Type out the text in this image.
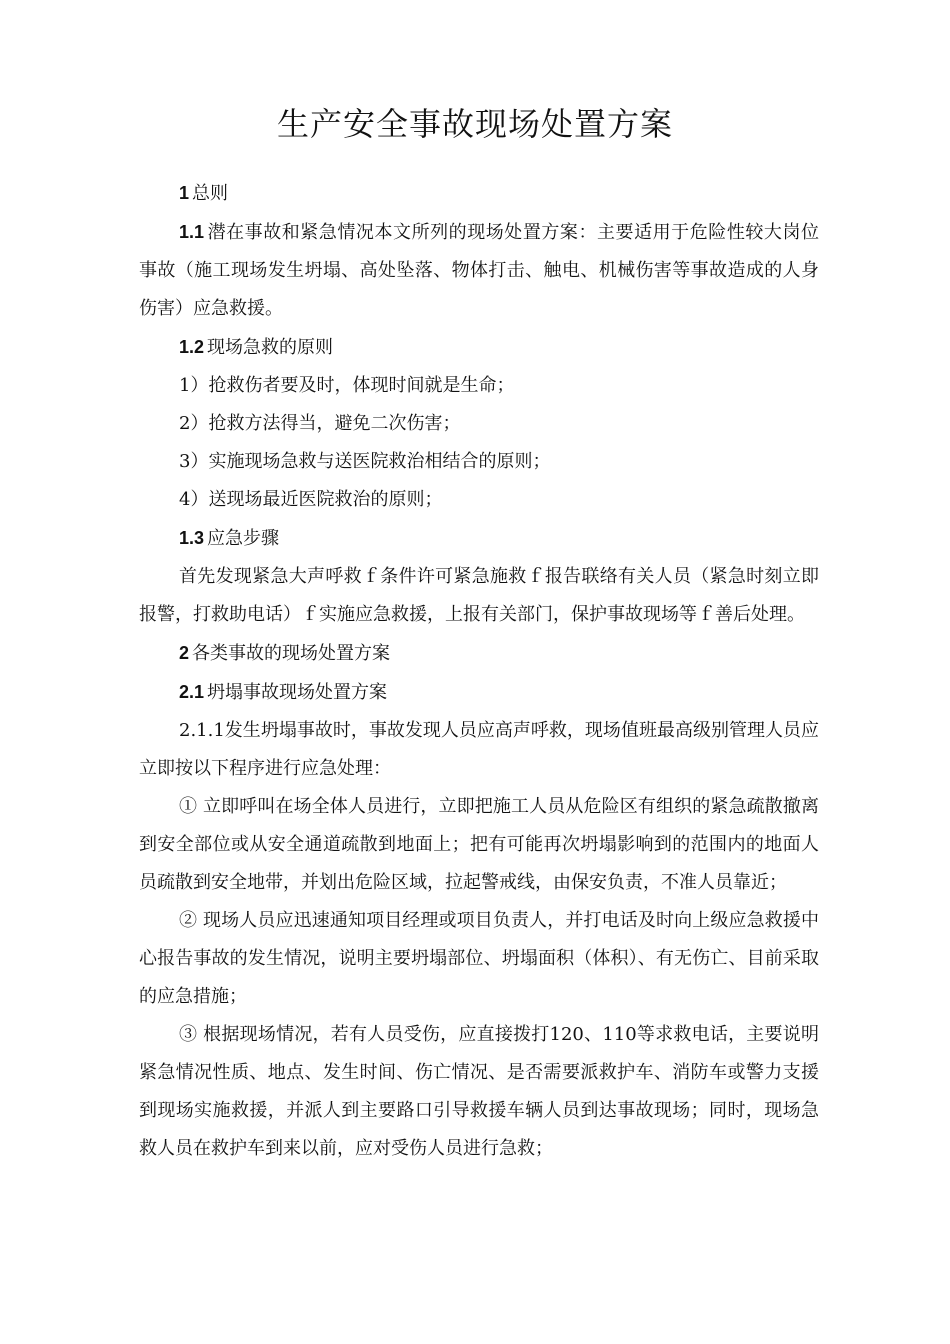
生产安全事故现场处置方案

1 总则

1.1 潜在事故和紧急情况本文所列的现场处置方案：主要适用于危险性较大岗位事故（施工现场发生坍塌、高处坠落、物体打击、触电、机械伤害等事故造成的人身伤害）应急救援。

1.2 现场急救的原则

1）抢救伤者要及时，体现时间就是生命；

2）抢救方法得当，避免二次伤害；

3）实施现场急救与送医院救治相结合的原则；

4）送现场最近医院救治的原则；

1.3 应急步骤

首先发现紧急大声呼救ｆ条件许可紧急施救ｆ报告联络有关人员（紧急时刻立即报警，打救助电话）ｆ实施应急救援，上报有关部门，保护事故现场等ｆ善后处理。

2 各类事故的现场处置方案

2.1 坍塌事故现场处置方案

2.1.1发生坍塌事故时，事故发现人员应高声呼救，现场值班最高级别管理人员应立即按以下程序进行应急处理：

① 立即呼叫在场全体人员进行，立即把施工人员从危险区有组织的紧急疏散撤离到安全部位或从安全通道疏散到地面上；把有可能再次坍塌影响到的范围内的地面人员疏散到安全地带，并划出危险区域，拉起警戒线，由保安负责，不准人员靠近；

② 现场人员应迅速通知项目经理或项目负责人，并打电话及时向上级应急救援中心报告事故的发生情况，说明主要坍塌部位、坍塌面积（体积）、有无伤亡、目前采取的应急措施；

③ 根据现场情况，若有人员受伤，应直接拨打120、110等求救电话，主要说明紧急情况性质、地点、发生时间、伤亡情况、是否需要派救护车、消防车或警力支援到现场实施救援，并派人到主要路口引导救援车辆人员到达事故现场；同时，现场急救人员在救护车到来以前，应对受伤人员进行急救；
